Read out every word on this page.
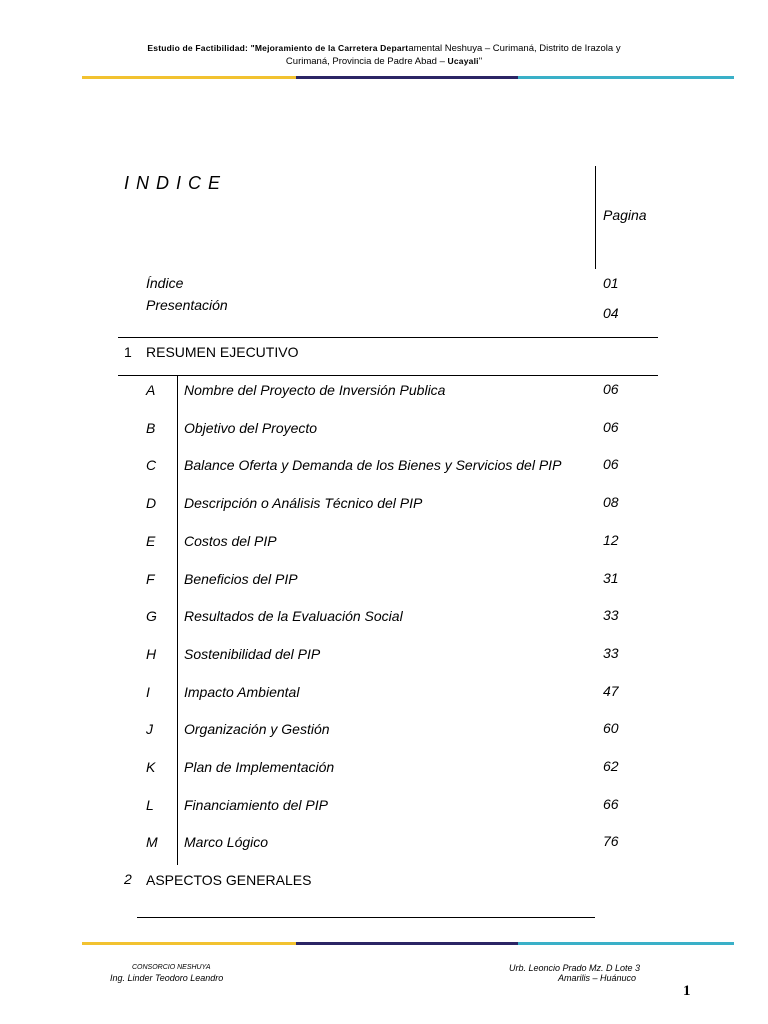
Estudio de Factibilidad: "Mejoramiento de la Carretera Departamental Neshuya – Curimaná, Distrito de Irazola y
Curimaná, Provincia de Padre Abad – Ucayali"
I N D I C E
Pagina
Índice	01
Presentación	04
1 RESUMEN EJECUTIVO
A Nombre del Proyecto de Inversión Publica	06
B Objetivo del Proyecto	06
C Balance Oferta y Demanda de los Bienes y Servicios del PIP	06
D Descripción o Análisis Técnico del PIP	08
E Costos del PIP	12
F Beneficios del PIP	31
G Resultados de la Evaluación Social	33
H Sostenibilidad del PIP	33
I Impacto Ambiental	47
J Organización y Gestión	60
K Plan de Implementación	62
L Financiamiento del PIP	66
M Marco Lógico	76
2 ASPECTOS GENERALES
CONSORCIO NESHUYA
Ing. Linder Teodoro Leandro
Urb. Leoncio Prado Mz. D Lote 3
Amarilis – Huánuco
1
